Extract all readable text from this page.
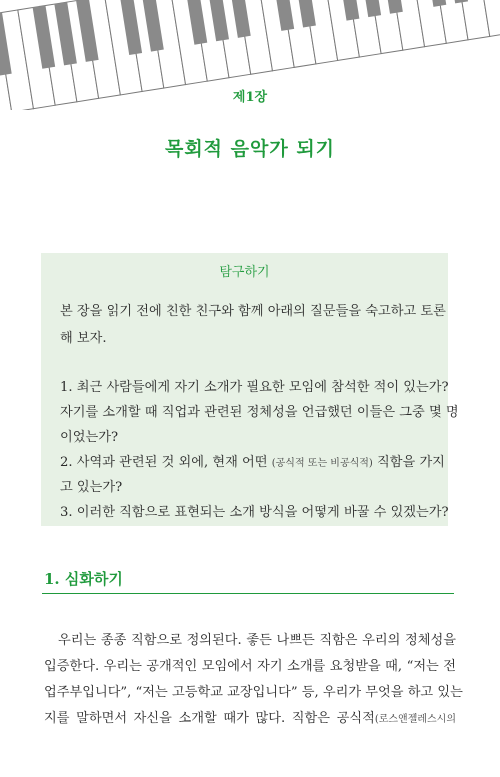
제1장
목회적 음악가 되기
탐구하기
본 장을 읽기 전에 친한 친구와 함께 아래의 질문들을 숙고하고 토론
해 보자.
1. 최근 사람들에게 자기 소개가 필요한 모임에 참석한 적이 있는가?
자기를 소개할 때 직업과 관련된 정체성을 언급했던 이들은 그중 몇 명
이었는가?
2. 사역과 관련된 것 외에, 현재 어떤 (공식적 또는 비공식적) 직함을 가지
고 있는가?
3. 이러한 직함으로 표현되는 소개 방식을 어떻게 바꿀 수 있겠는가?
1. 심화하기
우리는 종종 직함으로 정의된다. 좋든 나쁘든 직함은 우리의 정체성을
입증한다. 우리는 공개적인 모임에서 자기 소개를 요청받을 때, “저는 전
업주부입니다”, “저는 고등학교 교장입니다” 등, 우리가 무엇을 하고 있는
지를 말하면서 자신을 소개할 때가 많다. 직함은 공식적(로스앤젤레스시의
